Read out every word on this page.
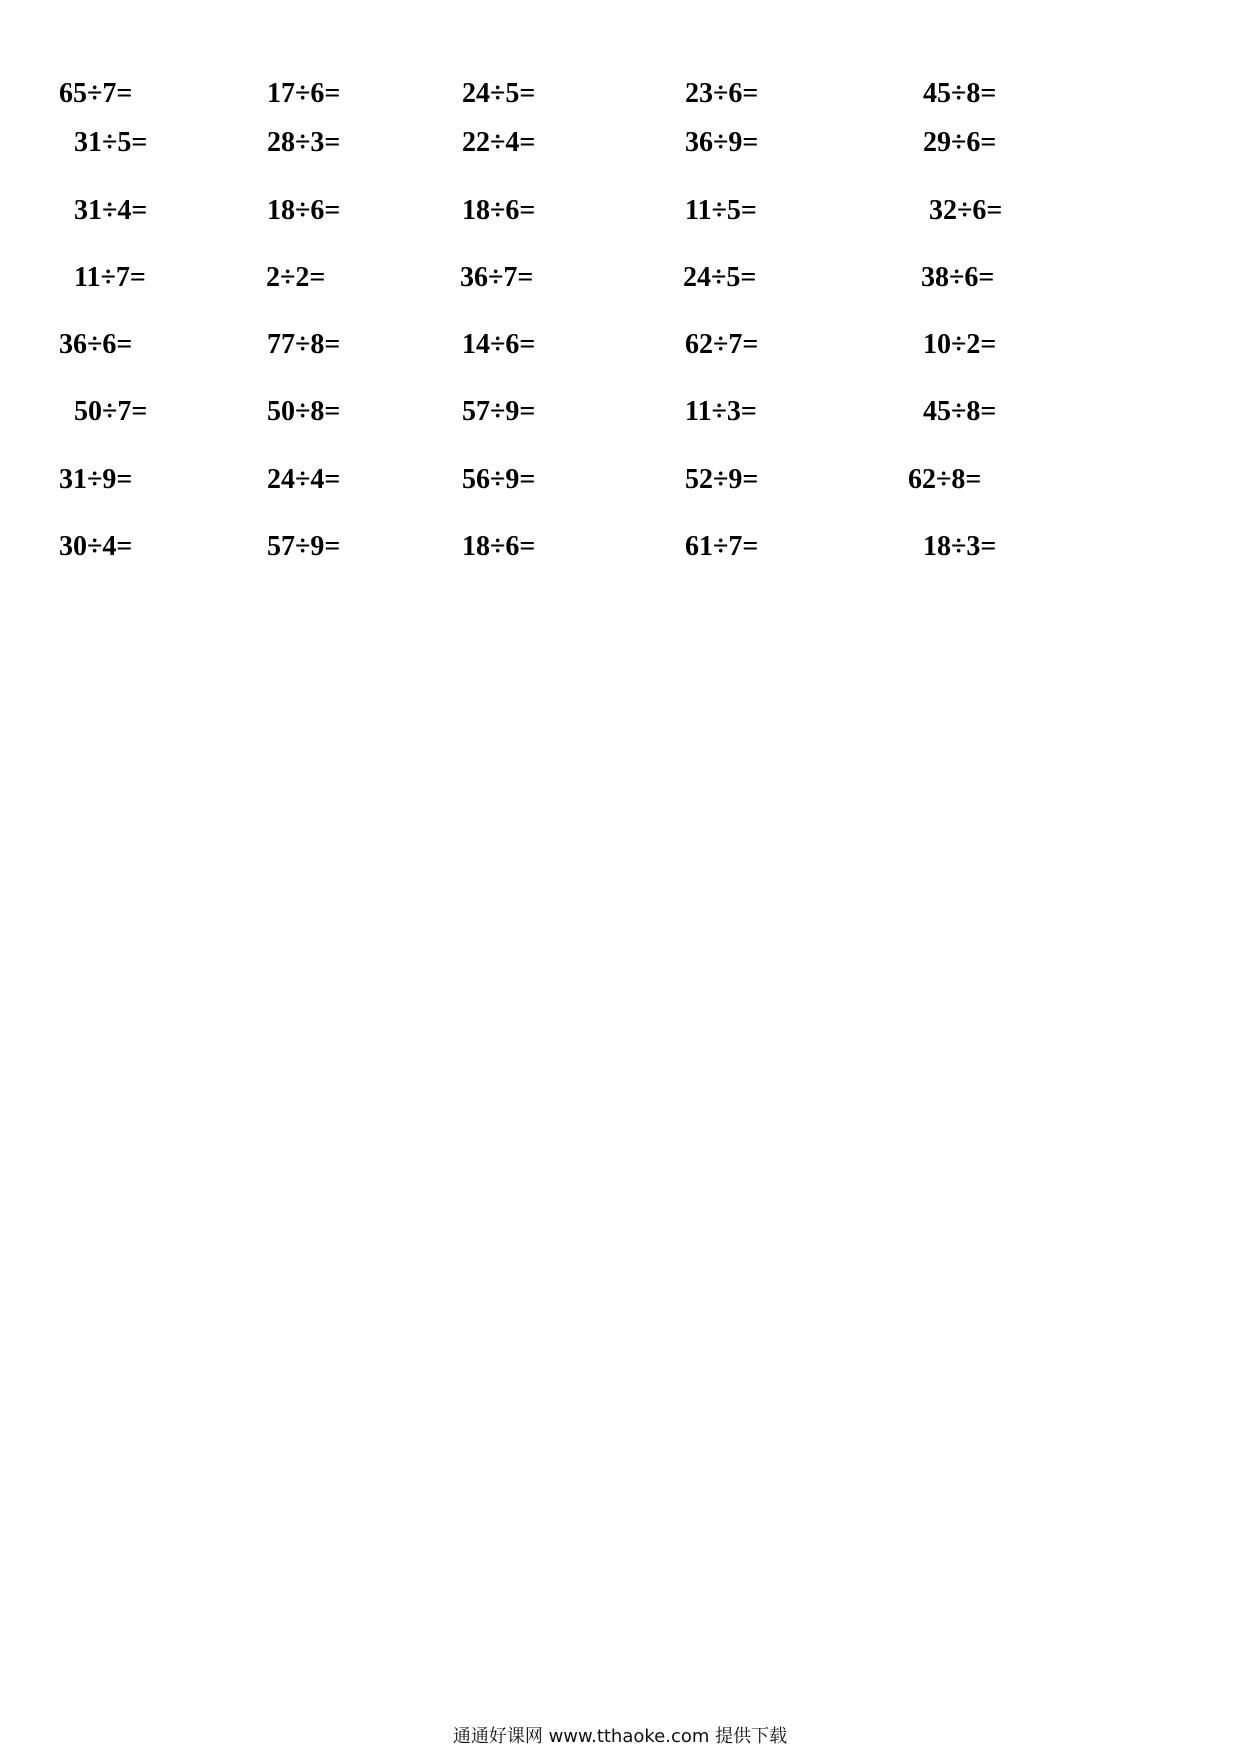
65÷7=	17÷6=	24÷5=	23÷6=	45÷8=
31÷5=	28÷3=	22÷4=	36÷9=	29÷6=
31÷4=	18÷6=	18÷6=	11÷5=	32÷6=
11÷7=	2÷2=	36÷7=	24÷5=	38÷6=
36÷6=	77÷8=	14÷6=	62÷7=	10÷2=
50÷7=	50÷8=	57÷9=	11÷3=	45÷8=
31÷9=	24÷4=	56÷9=	52÷9=	62÷8=
30÷4=	57÷9=	18÷6=	61÷7=	18÷3=
通通好课网 www.tthaoke.com 提供下载
